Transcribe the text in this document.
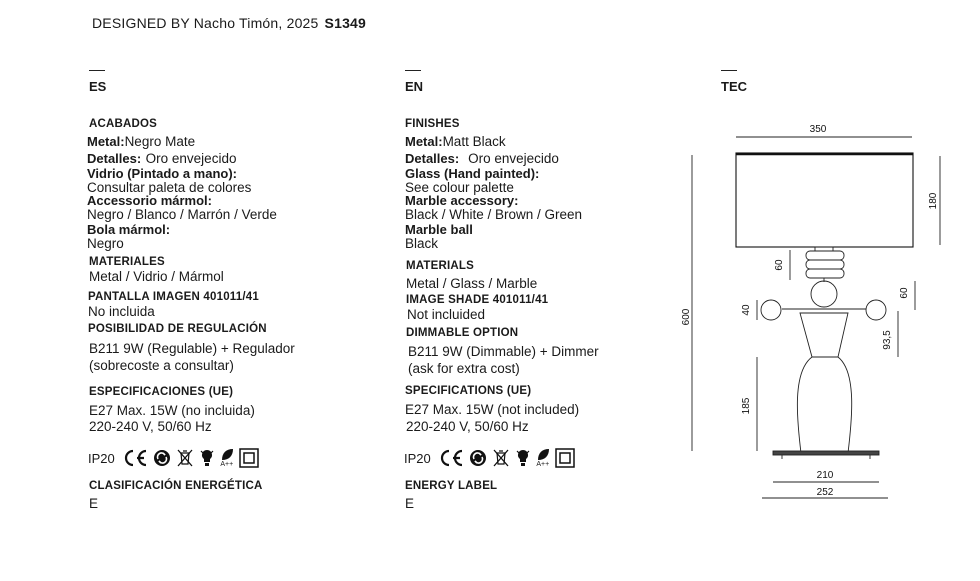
DESIGNED BY Nacho Timón, 2025 S1349
ES	EN	TEC
ACABADOS
Metal:Negro Mate
Detalles: Oro envejecido
Vidrio (Pintado a mano):
Consultar paleta de colores
Accessorio mármol:
Negro / Blanco / Marrón / Verde
Bola mármol:
Negro
MATERIALES
Metal / Vidrio / Mármol
PANTALLA IMAGEN 401011/41
No incluida
POSIBILIDAD DE REGULACIÓN
B211 9W (Regulable) + Regulador
(sobrecoste a consultar)
ESPECIFICACIONES (UE)
E27 Max. 15W (no incluida)
220-240 V, 50/60 Hz
IP20	A++
CLASIFICACIÓN ENERGÉTICA
E
FINISHES
Metal:Matt Black
Detalles: Oro envejecido
Glass (Hand painted):
See colour palette
Marble accessory:
Black / White / Brown / Green
Marble ball
Black
MATERIALS
Metal / Glass / Marble
IMAGE SHADE 401011/41
Not incluided
DIMMABLE OPTION
B211 9W (Dimmable) + Dimmer
(ask for extra cost)
SPECIFICATIONS (UE)
E27 Max. 15W (not included)
220-240 V, 50/60 Hz
IP20	A++
ENERGY LABEL
E
350
180
600
60
60
40
93,5
185
210
252
